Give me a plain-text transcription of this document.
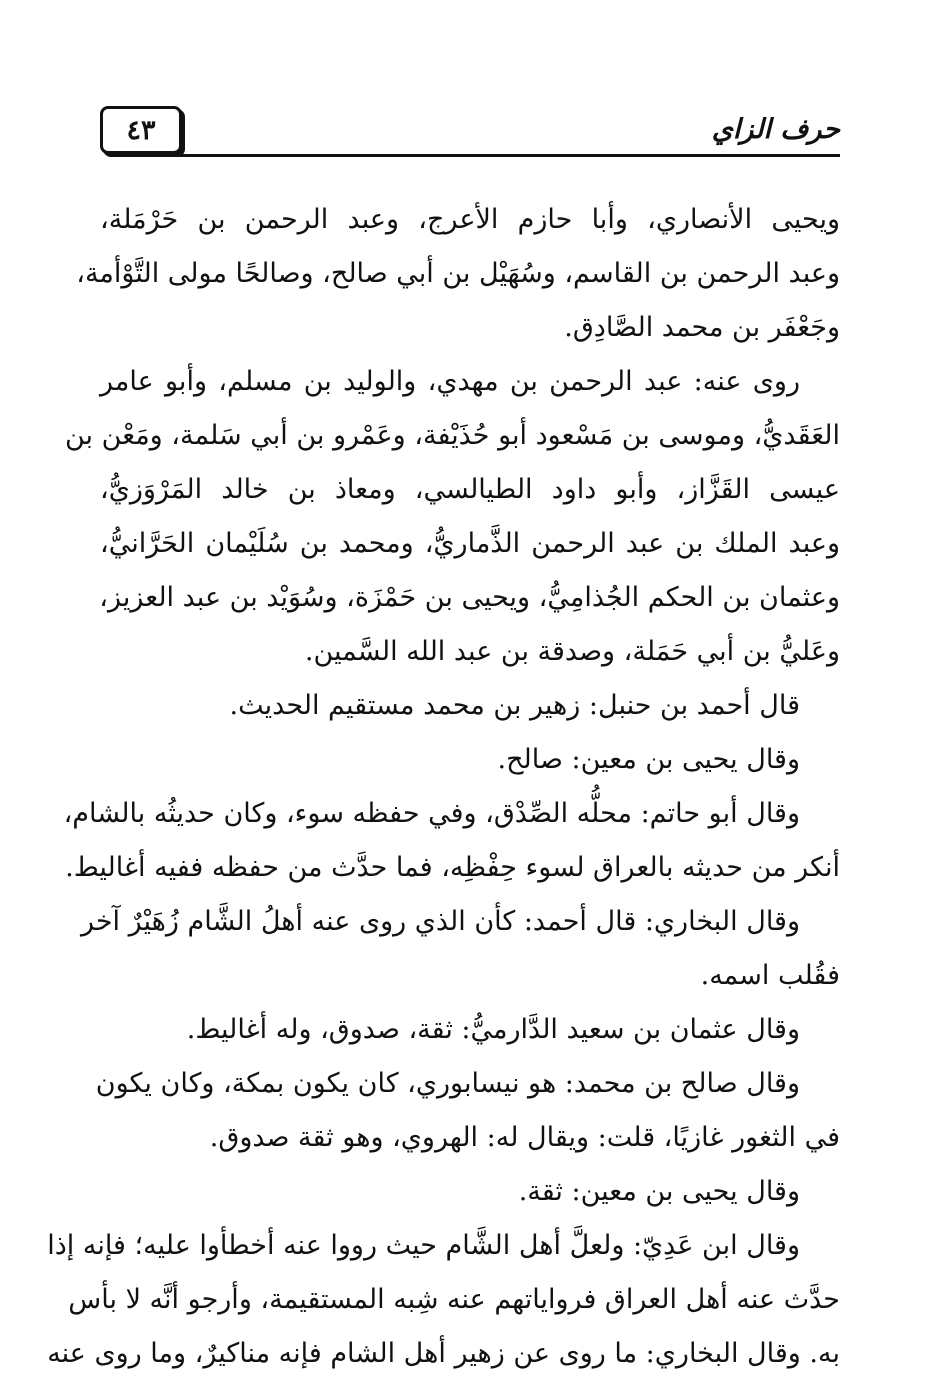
٤٣	حرف الزاي
ويحيى الأنصاري، وأبا حازم الأعرج، وعبد الرحمن بن حَرْمَلة،
وعبد الرحمن بن القاسم، وسُهَيْل بن أبي صالح، وصالحًا مولى التَّوْأمة،
وجَعْفَر بن محمد الصَّادِق.
روى عنه: عبد الرحمن بن مهدي، والوليد بن مسلم، وأبو عامر
العَقَديُّ، وموسى بن مَسْعود أبو حُذَيْفة، وعَمْرو بن أبي سَلمة، ومَعْن بن
عيسى القَزَّاز، وأبو داود الطيالسي، ومعاذ بن خالد المَرْوَزيُّ،
وعبد الملك بن عبد الرحمن الذَّماريُّ، ومحمد بن سُلَيْمان الحَرَّانيُّ،
وعثمان بن الحكم الجُذامِيُّ، ويحيى بن حَمْزَة، وسُوَيْد بن عبد العزيز،
وعَليُّ بن أبي حَمَلة، وصدقة بن عبد الله السَّمين.
قال أحمد بن حنبل: زهير بن محمد مستقيم الحديث.
وقال يحيى بن معين: صالح.
وقال أبو حاتم: محلُّه الصِّدْق، وفي حفظه سوء، وكان حديثُه بالشام،
أنكر من حديثه بالعراق لسوء حِفْظِه، فما حدَّث من حفظه ففيه أغاليط.
وقال البخاري: قال أحمد: كأن الذي روى عنه أهلُ الشَّام زُهَيْرٌ آخر
فقُلب اسمه.
وقال عثمان بن سعيد الدَّارميُّ: ثقة، صدوق، وله أغاليط.
وقال صالح بن محمد: هو نيسابوري، كان يكون بمكة، وكان يكون
في الثغور غازيًا، قلت: ويقال له: الهروي، وهو ثقة صدوق.
وقال يحيى بن معين: ثقة.
وقال ابن عَدِيّ: ولعلَّ أهل الشَّام حيث رووا عنه أخطأوا عليه؛ فإنه إذا
حدَّث عنه أهل العراق فرواياتهم عنه شِبه المستقيمة، وأرجو أنَّه لا بأس
به. وقال البخاري: ما روى عن زهير أهل الشام فإنه مناكيرٌ، وما روى عنه
